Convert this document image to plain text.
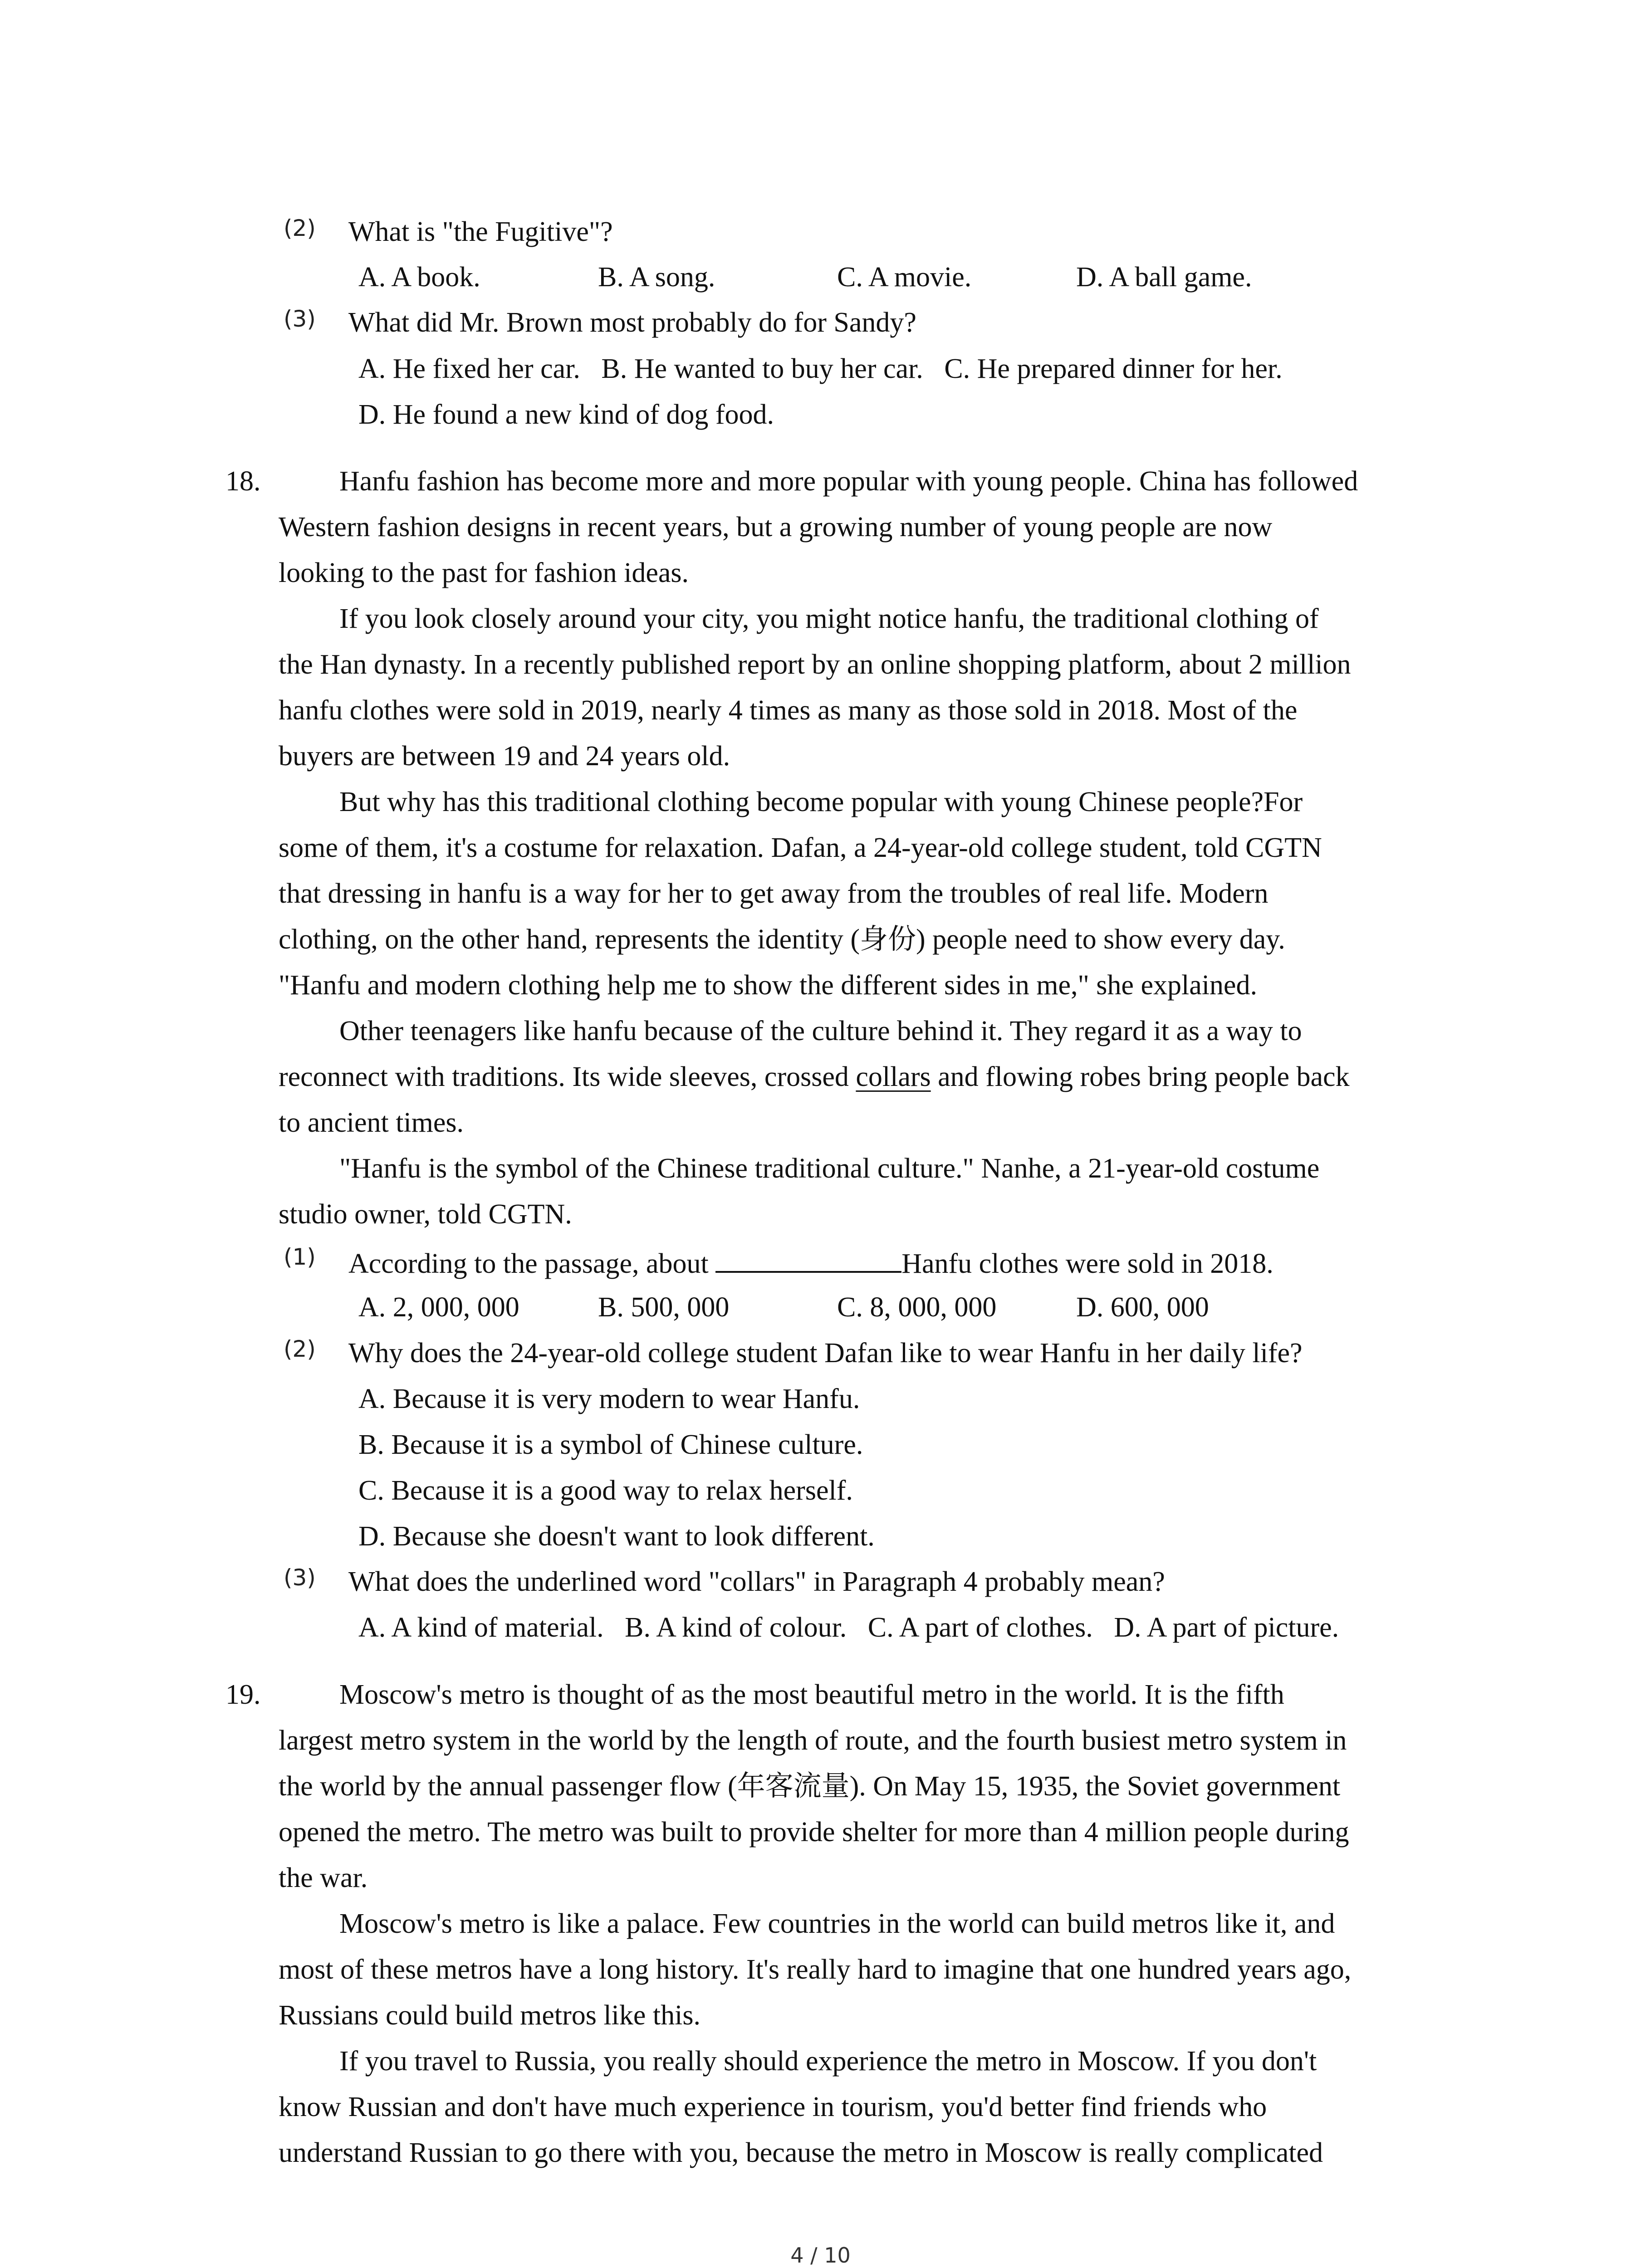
(2) What is "the Fugitive"?
A. A book.	B. A song.	C. A movie.	D. A ball game.
(3) What did Mr. Brown most probably do for Sandy?
A. He fixed her car.   B. He wanted to buy her car.   C. He prepared dinner for her.
D. He found a new kind of dog food.
18.	Hanfu fashion has become more and more popular with young people. China has followed
Western fashion designs in recent years, but a growing number of young people are now
looking to the past for fashion ideas.
If you look closely around your city, you might notice hanfu, the traditional clothing of
the Han dynasty. In a recently published report by an online shopping platform, about 2 million
hanfu clothes were sold in 2019, nearly 4 times as many as those sold in 2018. Most of the
buyers are between 19 and 24 years old.
But why has this traditional clothing become popular with young Chinese people?For
some of them, it's a costume for relaxation. Dafan, a 24-year-old college student, told CGTN
that dressing in hanfu is a way for her to get away from the troubles of real life. Modern
clothing, on the other hand, represents the identity (身份) people need to show every day.
"Hanfu and modern clothing help me to show the different sides in me," she explained.
Other teenagers like hanfu because of the culture behind it. They regard it as a way to
reconnect with traditions. Its wide sleeves, crossed collars and flowing robes bring people back
to ancient times.
"Hanfu is the symbol of the Chinese traditional culture." Nanhe, a 21-year-old costume
studio owner, told CGTN.
(1) According to the passage, about	Hanfu clothes were sold in 2018.
A. 2, 000, 000	B. 500, 000	C. 8, 000, 000	D. 600, 000
(2) Why does the 24-year-old college student Dafan like to wear Hanfu in her daily life?
A. Because it is very modern to wear Hanfu.
B. Because it is a symbol of Chinese culture.
C. Because it is a good way to relax herself.
D. Because she doesn't want to look different.
(3) What does the underlined word "collars" in Paragraph 4 probably mean?
A. A kind of material.   B. A kind of colour.   C. A part of clothes.   D. A part of picture.
19.	Moscow's metro is thought of as the most beautiful metro in the world. It is the fifth
largest metro system in the world by the length of route, and the fourth busiest metro system in
the world by the annual passenger flow (年客流量). On May 15, 1935, the Soviet government
opened the metro. The metro was built to provide shelter for more than 4 million people during
the war.
Moscow's metro is like a palace. Few countries in the world can build metros like it, and
most of these metros have a long history. It's really hard to imagine that one hundred years ago,
Russians could build metros like this.
If you travel to Russia, you really should experience the metro in Moscow. If you don't
know Russian and don't have much experience in tourism, you'd better find friends who
understand Russian to go there with you, because the metro in Moscow is really complicated
4 / 10
